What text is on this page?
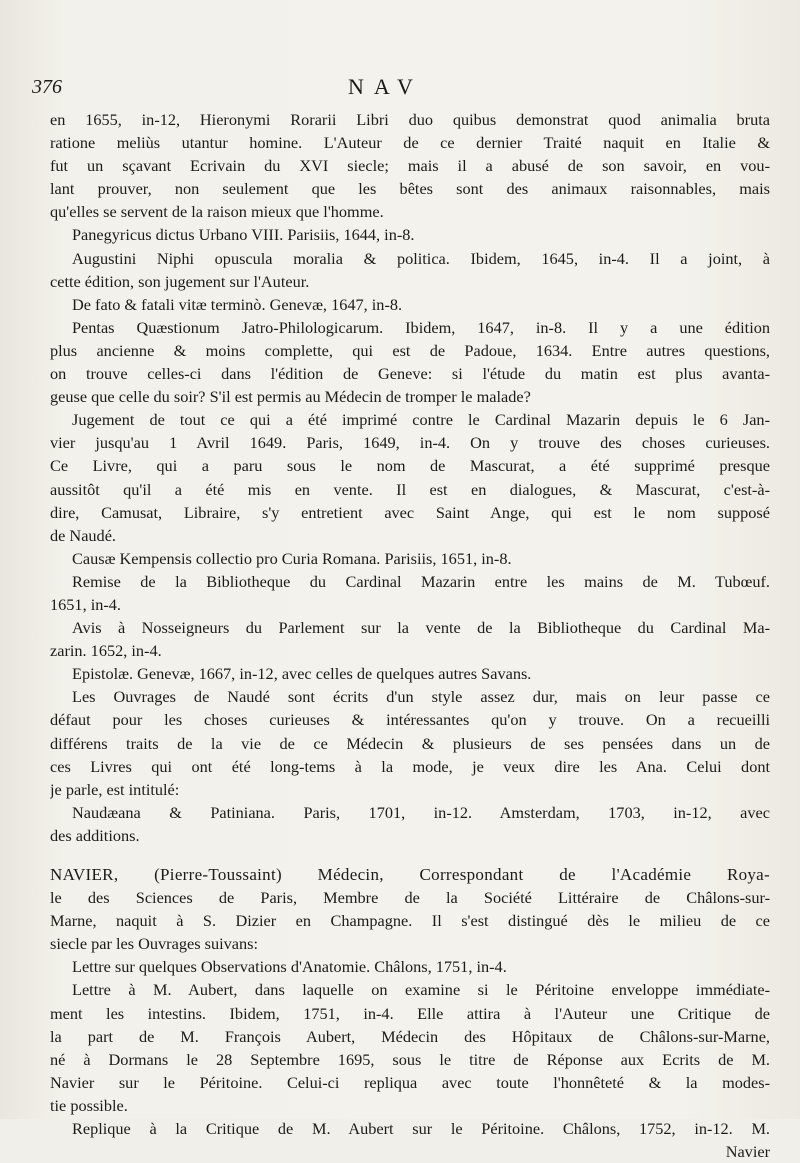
376	NAV
en 1655, in-12, Hieronymi Rorarii Libri duo quibus demonstrat quod animalia bruta
ratione meliùs utantur homine. L'Auteur de ce dernier Traité naquit en Italie &
fut un sçavant Ecrivain du XVI siecle; mais il a abusé de son savoir, en vou-
lant prouver, non seulement que les bêtes sont des animaux raisonnables, mais
qu'elles se servent de la raison mieux que l'homme.
Panegyricus dictus Urbano VIII. Parisiis, 1644, in-8.
Augustini Niphi opuscula moralia & politica. Ibidem, 1645, in-4. Il a joint, à
cette édition, son jugement sur l'Auteur.
De fato & fatali vitæ terminò. Genevæ, 1647, in-8.
Pentas Quæstionum Jatro-Philologicarum. Ibidem, 1647, in-8. Il y a une édition
plus ancienne & moins complette, qui est de Padoue, 1634. Entre autres questions,
on trouve celles-ci dans l'édition de Geneve: si l'étude du matin est plus avanta-
geuse que celle du soir? S'il est permis au Médecin de tromper le malade?
Jugement de tout ce qui a été imprimé contre le Cardinal Mazarin depuis le 6 Jan-
vier jusqu'au 1 Avril 1649. Paris, 1649, in-4. On y trouve des choses curieuses.
Ce Livre, qui a paru sous le nom de Mascurat, a été supprimé presque
aussitôt qu'il a été mis en vente. Il est en dialogues, & Mascurat, c'est-à-
dire, Camusat, Libraire, s'y entretient avec Saint Ange, qui est le nom supposé
de Naudé.
Causæ Kempensis collectio pro Curia Romana. Parisiis, 1651, in-8.
Remise de la Bibliotheque du Cardinal Mazarin entre les mains de M. Tubœuf.
1651, in-4.
Avis à Nosseigneurs du Parlement sur la vente de la Bibliotheque du Cardinal Ma-
zarin. 1652, in-4.
Epistolæ. Genevæ, 1667, in-12, avec celles de quelques autres Savans.
Les Ouvrages de Naudé sont écrits d'un style assez dur, mais on leur passe ce
défaut pour les choses curieuses & intéressantes qu'on y trouve. On a recueilli
différens traits de la vie de ce Médecin & plusieurs de ses pensées dans un de
ces Livres qui ont été long-tems à la mode, je veux dire les Ana. Celui dont
je parle, est intitulé:
Naudæana & Patiniana. Paris, 1701, in-12. Amsterdam, 1703, in-12, avec
des additions.
NAVIER, (Pierre-Toussaint) Médecin, Correspondant de l'Académie Roya-
le des Sciences de Paris, Membre de la Société Littéraire de Châlons-sur-
Marne, naquit à S. Dizier en Champagne. Il s'est distingué dès le milieu de ce
siecle par les Ouvrages suivans:
Lettre sur quelques Observations d'Anatomie. Châlons, 1751, in-4.
Lettre à M. Aubert, dans laquelle on examine si le Péritoine enveloppe immédiate-
ment les intestins. Ibidem, 1751, in-4. Elle attira à l'Auteur une Critique de
la part de M. François Aubert, Médecin des Hôpitaux de Châlons-sur-Marne,
né à Dormans le 28 Septembre 1695, sous le titre de Réponse aux Ecrits de M.
Navier sur le Péritoine. Celui-ci repliqua avec toute l'honnêteté & la modes-
tie possible.
Replique à la Critique de M. Aubert sur le Péritoine. Châlons, 1752, in-12. M.
Navier
